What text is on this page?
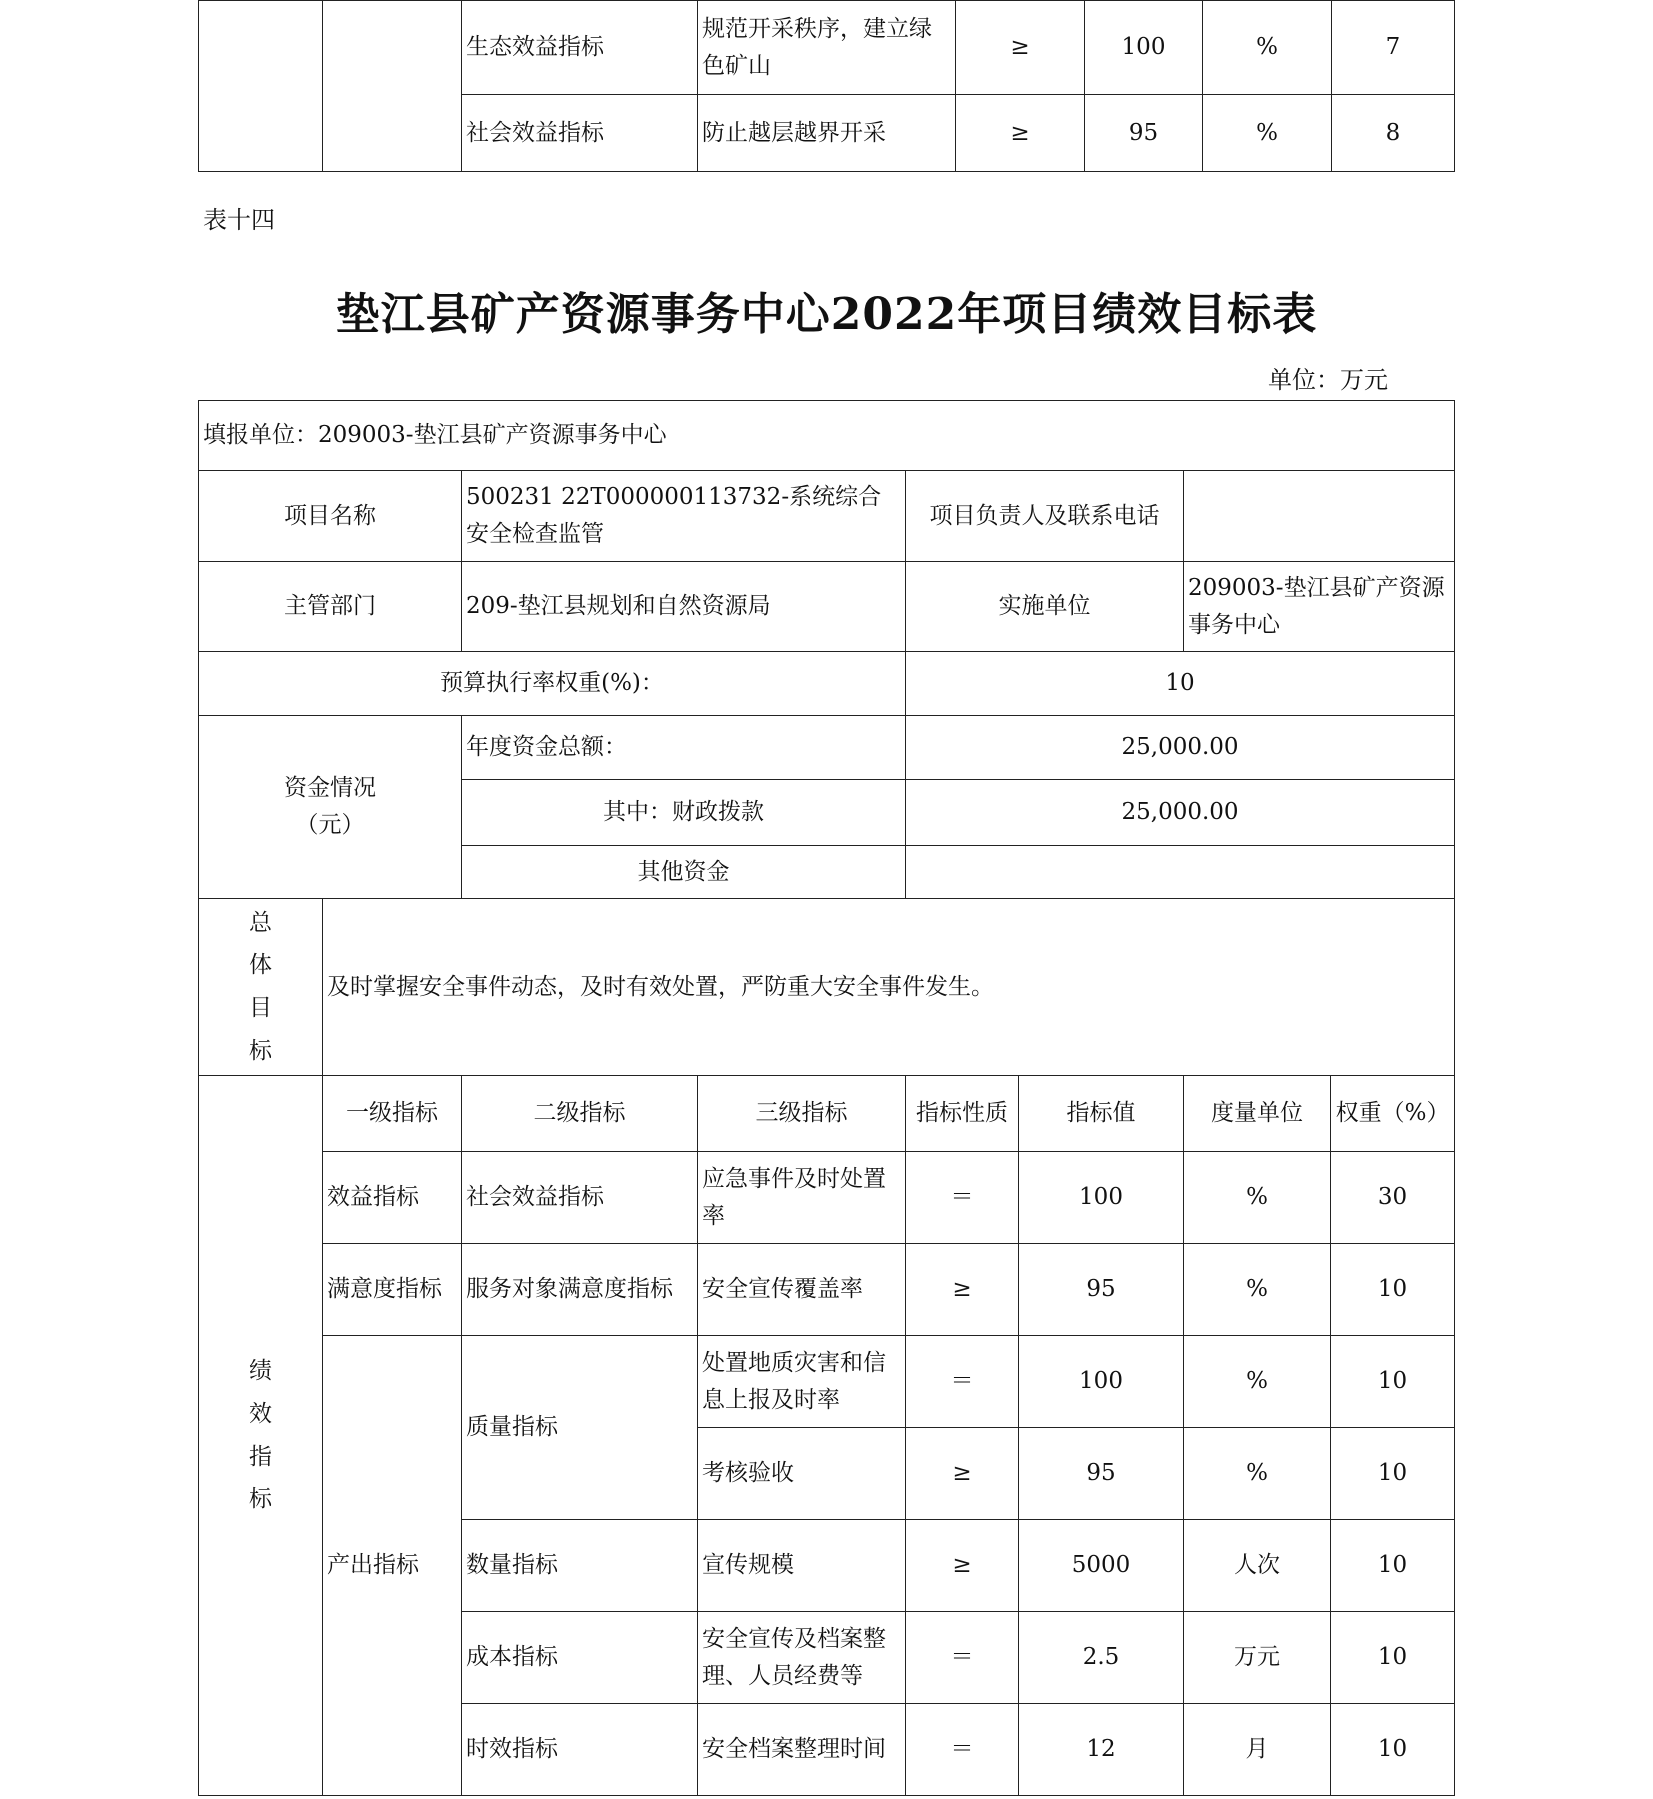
		生态效益指标	规范开采秩序，建立绿色矿山	≥	100	%	7
		社会效益指标	防止越层越界开采	≥	95	%	8
表十四
垫江县矿产资源事务中心2022年项目绩效目标表
单位：万元
填报单位：209003-垫江县矿产资源事务中心							
项目名称		500231 22T000000113732-系统综合安全检查监管		项目负责人及联系电话			
主管部门		209-垫江县规划和自然资源局		实施单位		209003-垫江县矿产资源事务中心	
预算执行率权重(%)：				10			

资金情况
（元）		年度资金总额：		25,000.00			
		其中：财政拨款		25,000.00			
		其他资金					

总
体
目
标	及时掌握安全事件动态，及时有效处置，严防重大安全事件发生。						

绩
效
指
标	一级指标	二级指标	三级指标	指标性质	指标值	度量单位	权重（%）
	效益指标	社会效益指标	应急事件及时处置率	＝	100	%	30
	满意度指标	服务对象满意度指标	安全宣传覆盖率	≥	95	%	10
	产出指标	质量指标	处置地质灾害和信息上报及时率	＝	100	%	10
			考核验收	≥	95	%	10
		数量指标	宣传规模	≥	5000	人次	10
		成本指标	安全宣传及档案整理、人员经费等	＝	2.5	万元	10
		时效指标	安全档案整理时间	＝	12	月	10
